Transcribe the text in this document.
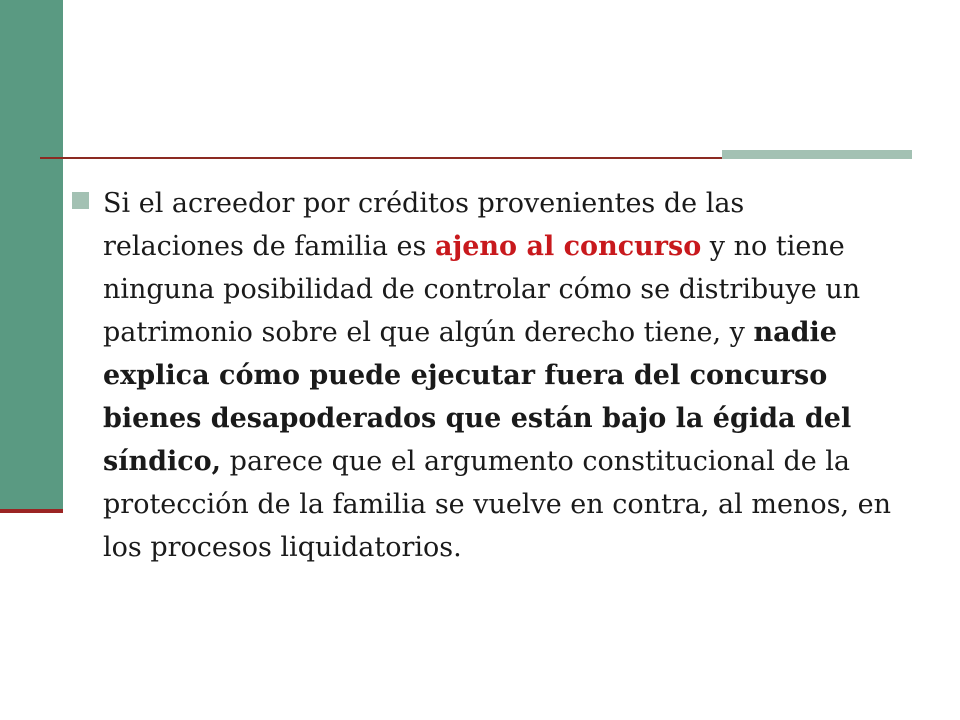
Si el acreedor por créditos provenientes de las relaciones de familia es ajeno al concurso y no tiene ninguna posibilidad de controlar cómo se distribuye un patrimonio sobre el que algún derecho tiene, y nadie explica cómo puede ejecutar fuera del concurso bienes desapoderados que están bajo la égida del síndico, parece que el argumento constitucional de la protección de la familia se vuelve en contra, al menos, en los procesos liquidatorios.
